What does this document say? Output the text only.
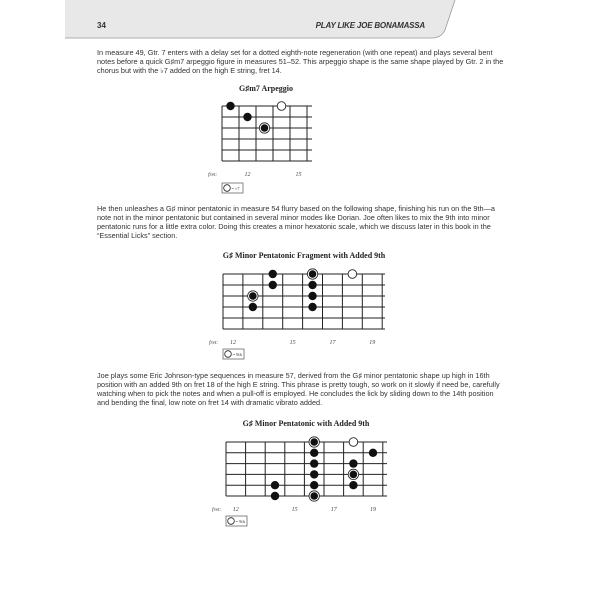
34	PLAY LIKE JOE BONAMASSA
In measure 49, Gtr. 7 enters with a delay set for a dotted eighth-note regeneration (with one repeat) and plays several bent notes before a quick G♯m7 arpeggio figure in measures 51–52. This arpeggio shape is the same shape played by Gtr. 2 in the chorus but with the ♭7 added on the high E string, fret 14.
He then unleashes a G♯ minor pentatonic in measure 54 flurry based on the following shape, finishing his run on the 9th—a note not in the minor pentatonic but contained in several minor modes like Dorian. Joe often likes to mix the 9th into minor pentatonic runs for a little extra color. Doing this creates a minor hexatonic scale, which we discuss later in this book in the “Essential Licks” section.
Joe plays some Eric Johnson-type sequences in measure 57, derived from the G♯ minor pentatonic shape up high in 16th position with an added 9th on fret 18 of the high E string. This phrase is pretty tough, so work on it slowly if need be, carefully watching when to pick the notes and when a pull-off is employed. He concludes the lick by sliding down to the 14th position and bending the final, low note on fret 14 with dramatic vibrato added.
G♯m7 Arpeggio
G♯ Minor Pentatonic Fragment with Added 9th
G♯ Minor Pentatonic with Added 9th
fret:	12	15
= ♭7
fret: 12	15	17	19
= 9th
fret: 12	15	17	19
= 9th
